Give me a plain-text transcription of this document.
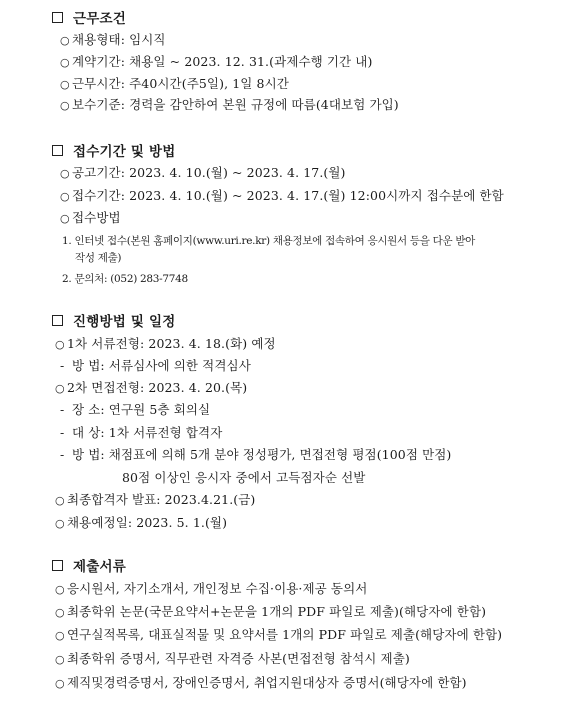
근무조건
○ 채용형태: 임시직
○ 계약기간: 채용일 ~ 2023. 12. 31.(과제수행 기간 내)
○ 근무시간: 주40시간(주5일), 1일 8시간
○ 보수기준: 경력을 감안하여 본원 규정에 따름(4대보험 가입)
접수기간 및 방법
○ 공고기간: 2023. 4. 10.(월) ~ 2023. 4. 17.(월)
○ 접수기간: 2023. 4. 10.(월) ~ 2023. 4. 17.(월) 12:00시까지 접수분에 한함
○ 접수방법
1. 인터넷 접수(본원 홈페이지(www.uri.re.kr) 채용정보에 접속하여 응시원서 등을 다운 받아
작성 제출)
2. 문의처: (052) 283-7748
진행방법 및 일정
○ 1차 서류전형: 2023. 4. 18.(화) 예정
- 방 법: 서류심사에 의한 적격심사
○ 2차 면접전형: 2023. 4. 20.(목)
- 장 소: 연구원 5층 회의실
- 대 상: 1차 서류전형 합격자
- 방 법: 채점표에 의해 5개 분야 정성평가, 면접전형 평점(100점 만점)
80점 이상인 응시자 중에서 고득점자순 선발
○ 최종합격자 발표: 2023.4.21.(금)
○ 채용예정일: 2023. 5. 1.(월)
제출서류
○ 응시원서, 자기소개서, 개인정보 수집·이용·제공 동의서
○ 최종학위 논문(국문요약서+논문을 1개의 PDF 파일로 제출)(해당자에 한함)
○ 연구실적목록, 대표실적물 및 요약서를 1개의 PDF 파일로 제출(해당자에 한함)
○ 최종학위 증명서, 직무관련 자격증 사본(면접전형 참석시 제출)
○ 제직및경력증명서, 장애인증명서, 취업지원대상자 증명서(해당자에 한함)
